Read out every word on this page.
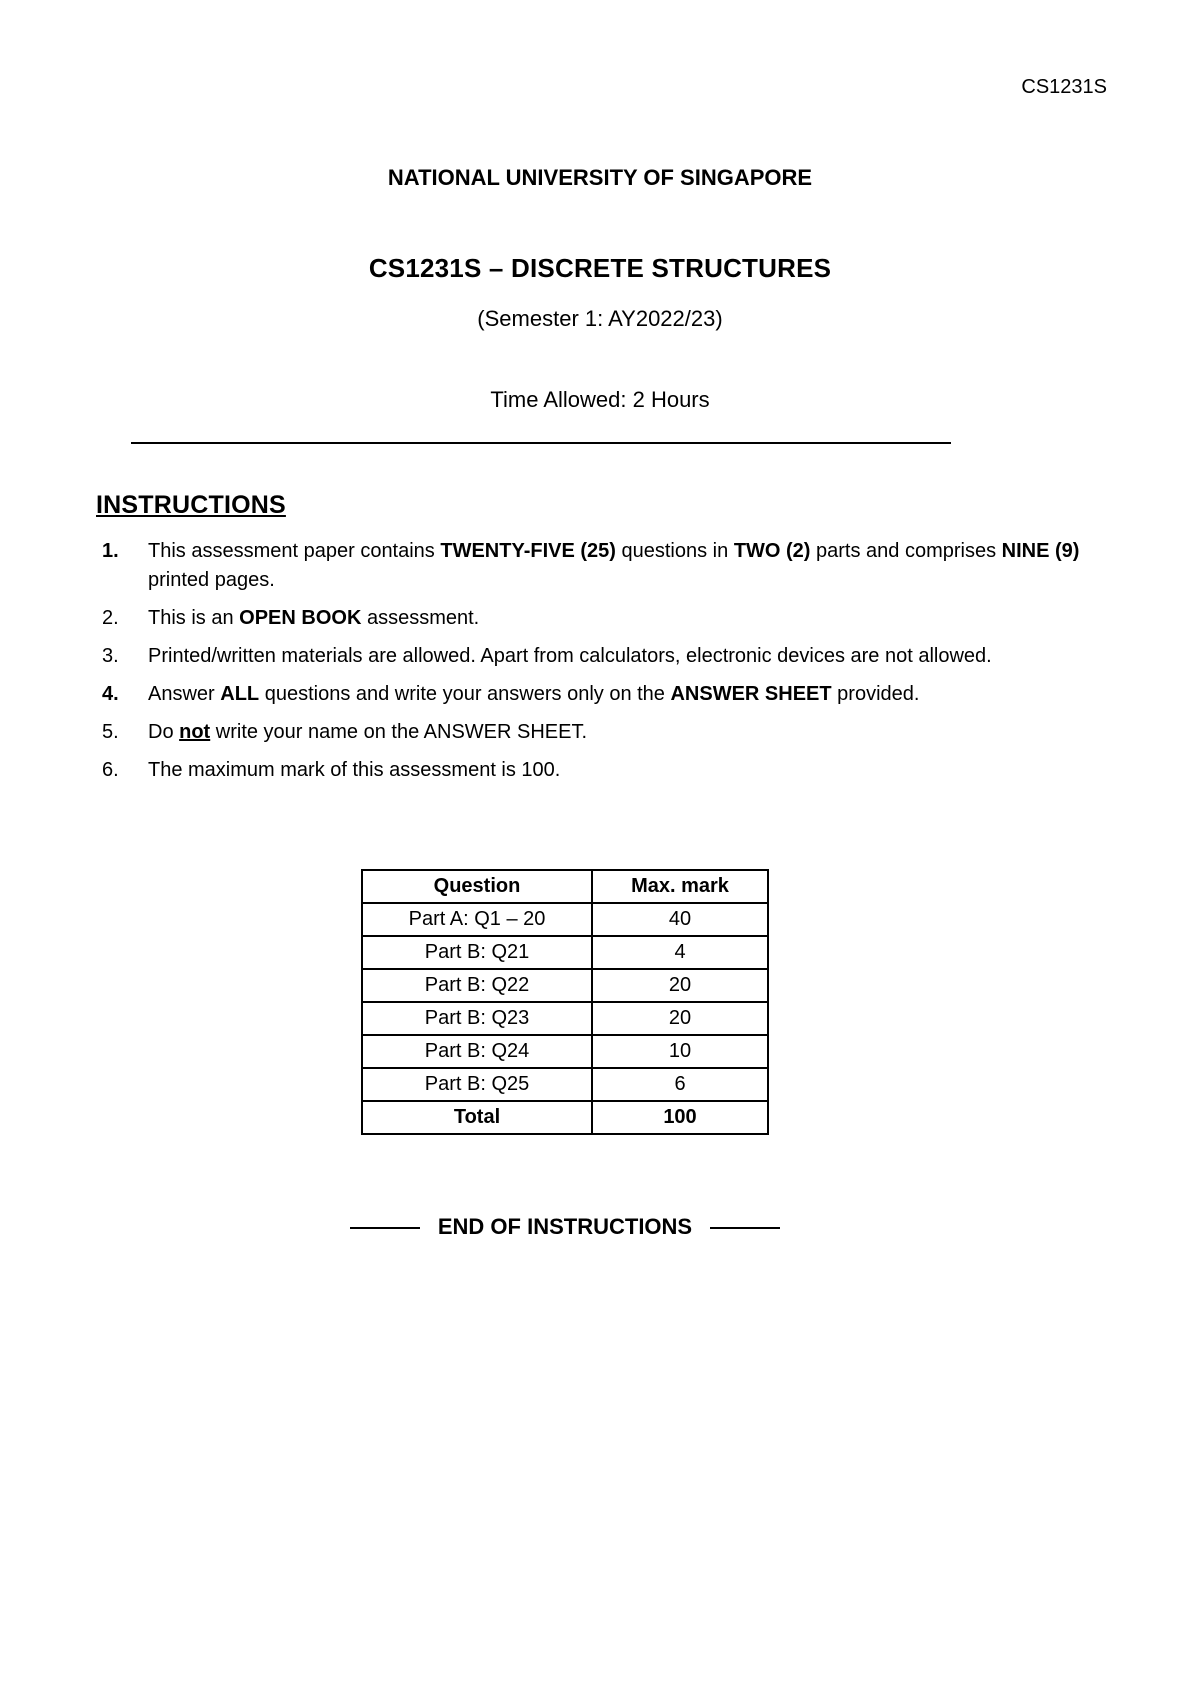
CS1231S
NATIONAL UNIVERSITY OF SINGAPORE
CS1231S – DISCRETE STRUCTURES
(Semester 1: AY2022/23)
Time Allowed: 2 Hours
INSTRUCTIONS
1.	This assessment paper contains TWENTY-FIVE (25) questions in TWO (2) parts and comprises NINE (9) printed pages.
2.	This is an OPEN BOOK assessment.
3.	Printed/written materials are allowed. Apart from calculators, electronic devices are not allowed.
4.	Answer ALL questions and write your answers only on the ANSWER SHEET provided.
5.	Do not write your name on the ANSWER SHEET.
6.	The maximum mark of this assessment is 100.
Question	Max. mark
Part A: Q1 – 20	40
Part B: Q21	4
Part B: Q22	20
Part B: Q23	20
Part B: Q24	10
Part B: Q25	6
Total	100
END OF INSTRUCTIONS
